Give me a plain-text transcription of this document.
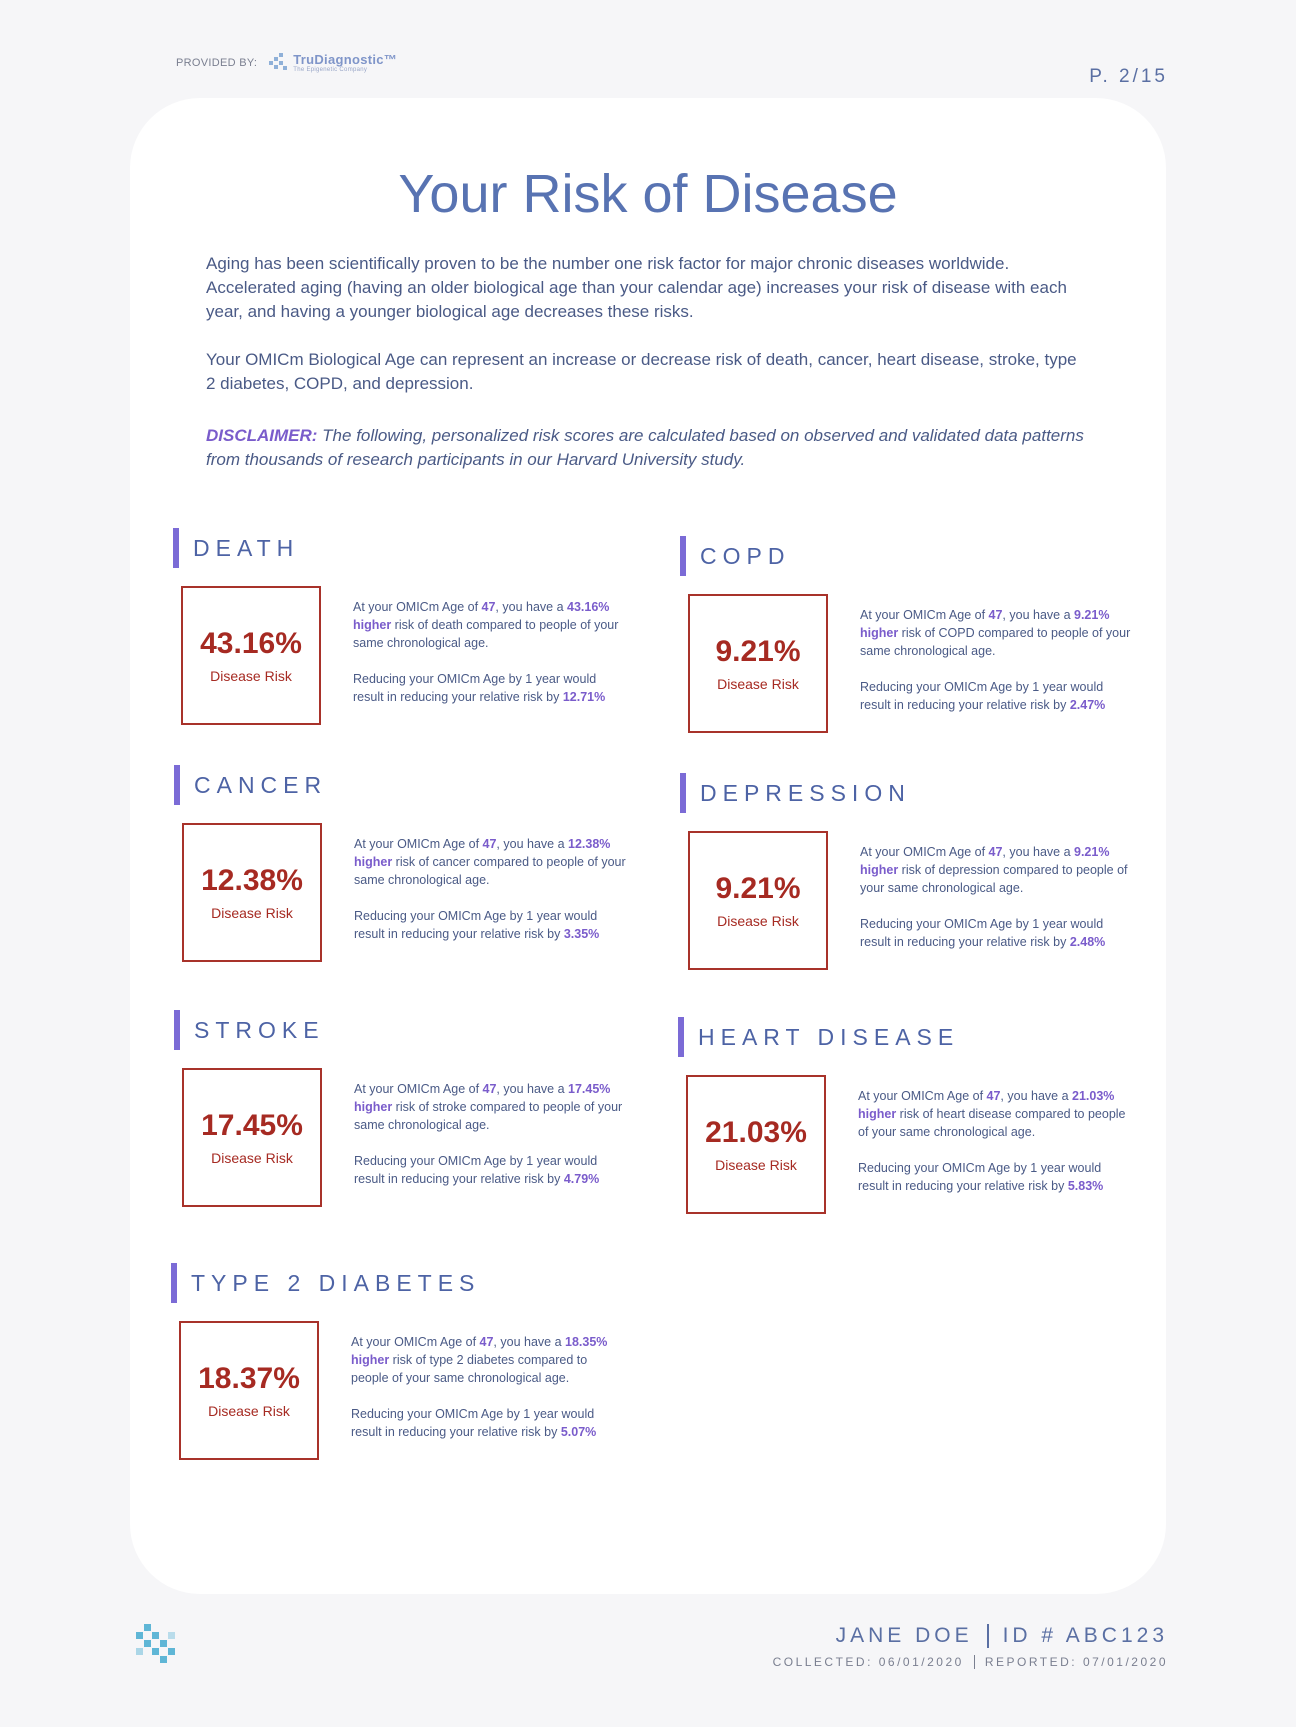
PROVIDED BY:	TruDiagnostic™
The Epigenetic Company	P. 2/15
Your Risk of Disease

Aging has been scientifically proven to be the number one risk factor for major chronic diseases worldwide. Accelerated aging (having an older biological age than your calendar age) increases your risk of disease with each year, and having a younger biological age decreases these risks.

Your OMICm Biological Age can represent an increase or decrease risk of death, cancer, heart disease, stroke, type 2 diabetes, COPD, and depression.

DISCLAIMER: The following, personalized risk scores are calculated based on observed and validated data patterns from thousands of research participants in our Harvard University study.

DEATH
43.16%
Disease Risk

At your OMICm Age of 47, you have a 43.16% higher risk of death compared to people of your same chronological age.

Reducing your OMICm Age by 1 year would result in reducing your relative risk by 12.71%

COPD
9.21%
Disease Risk

At your OMICm Age of 47, you have a 9.21% higher risk of COPD compared to people of your same chronological age.

Reducing your OMICm Age by 1 year would result in reducing your relative risk by 2.47%

CANCER
12.38%
Disease Risk

At your OMICm Age of 47, you have a 12.38% higher risk of cancer compared to people of your same chronological age.

Reducing your OMICm Age by 1 year would result in reducing your relative risk by 3.35%

DEPRESSION
9.21%
Disease Risk

At your OMICm Age of 47, you have a 9.21% higher risk of depression compared to people of your same chronological age.

Reducing your OMICm Age by 1 year would result in reducing your relative risk by 2.48%

STROKE
17.45%
Disease Risk

At your OMICm Age of 47, you have a 17.45% higher risk of stroke compared to people of your same chronological age.

Reducing your OMICm Age by 1 year would result in reducing your relative risk by 4.79%

HEART DISEASE
21.03%
Disease Risk

At your OMICm Age of 47, you have a 21.03% higher risk of heart disease compared to people of your same chronological age.

Reducing your OMICm Age by 1 year would result in reducing your relative risk by 5.83%

TYPE 2 DIABETES
18.37%
Disease Risk

At your OMICm Age of 47, you have a 18.35% higher risk of type 2 diabetes compared to people of your same chronological age.

Reducing your OMICm Age by 1 year would result in reducing your relative risk by 5.07%

JANE DOE ID # ABC123
COLLECTED: 06/01/2020 REPORTED: 07/01/2020
